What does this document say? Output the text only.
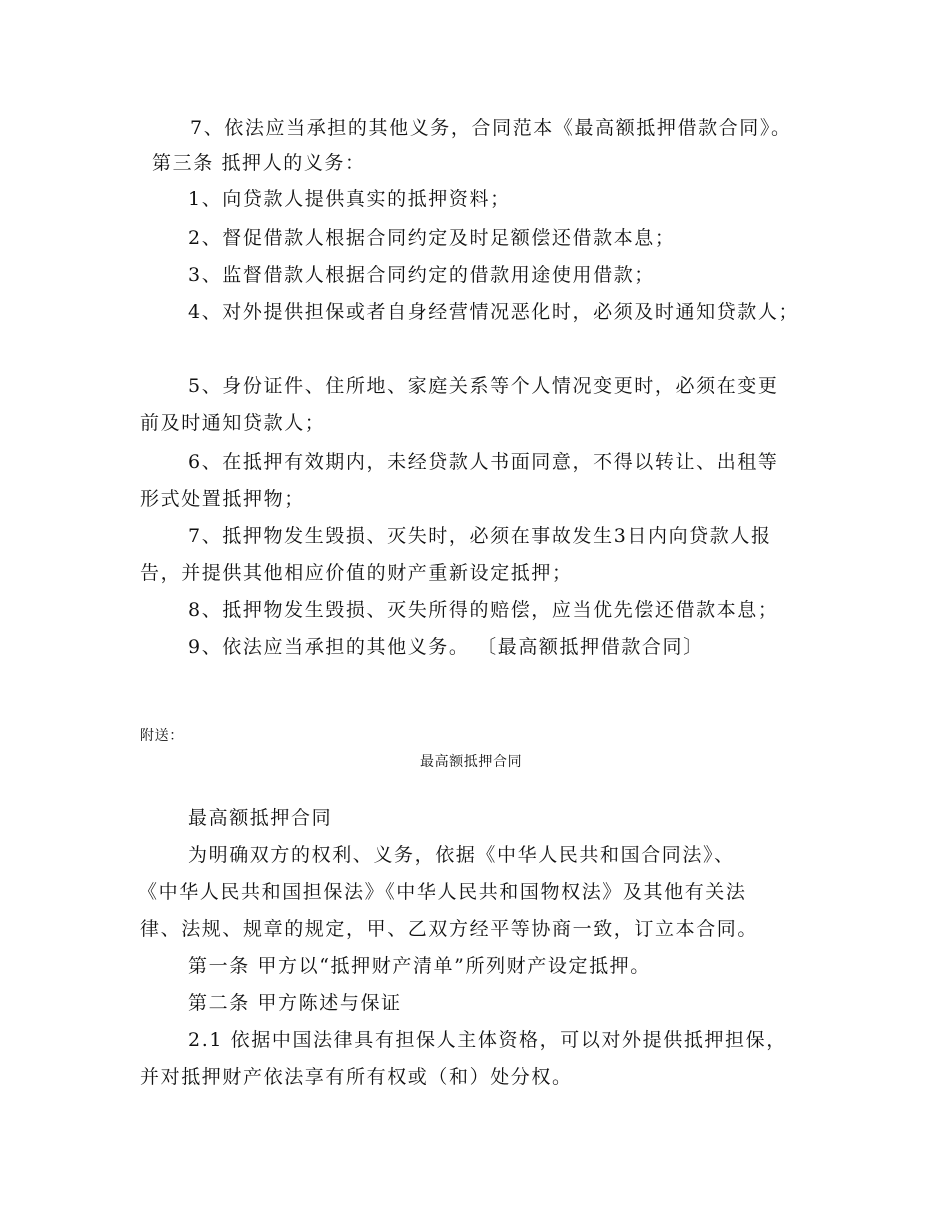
7、依法应当承担的其他义务，合同范本《最高额抵押借款合同》。
第三条 抵押人的义务：
1、向贷款人提供真实的抵押资料；
2、督促借款人根据合同约定及时足额偿还借款本息；
3、监督借款人根据合同约定的借款用途使用借款；
4、对外提供担保或者自身经营情况恶化时，必须及时通知贷款人；
5、身份证件、住所地、家庭关系等个人情况变更时，必须在变更
前及时通知贷款人；
6、在抵押有效期内，未经贷款人书面同意，不得以转让、出租等
形式处置抵押物；
7、抵押物发生毁损、灭失时，必须在事故发生3日内向贷款人报
告，并提供其他相应价值的财产重新设定抵押；
8、抵押物发生毁损、灭失所得的赔偿，应当优先偿还借款本息；
9、依法应当承担的其他义务。 〔最高额抵押借款合同〕
附送：
最高额抵押合同
最高额抵押合同
为明确双方的权利、义务，依据《中华人民共和国合同法》、
《中华人民共和国担保法》《中华人民共和国物权法》及其他有关法
律、法规、规章的规定，甲、乙双方经平等协商一致，订立本合同。
第一条 甲方以“抵押财产清单”所列财产设定抵押。
第二条 甲方陈述与保证
2.1 依据中国法律具有担保人主体资格，可以对外提供抵押担保，
并对抵押财产依法享有所有权或（和）处分权。
